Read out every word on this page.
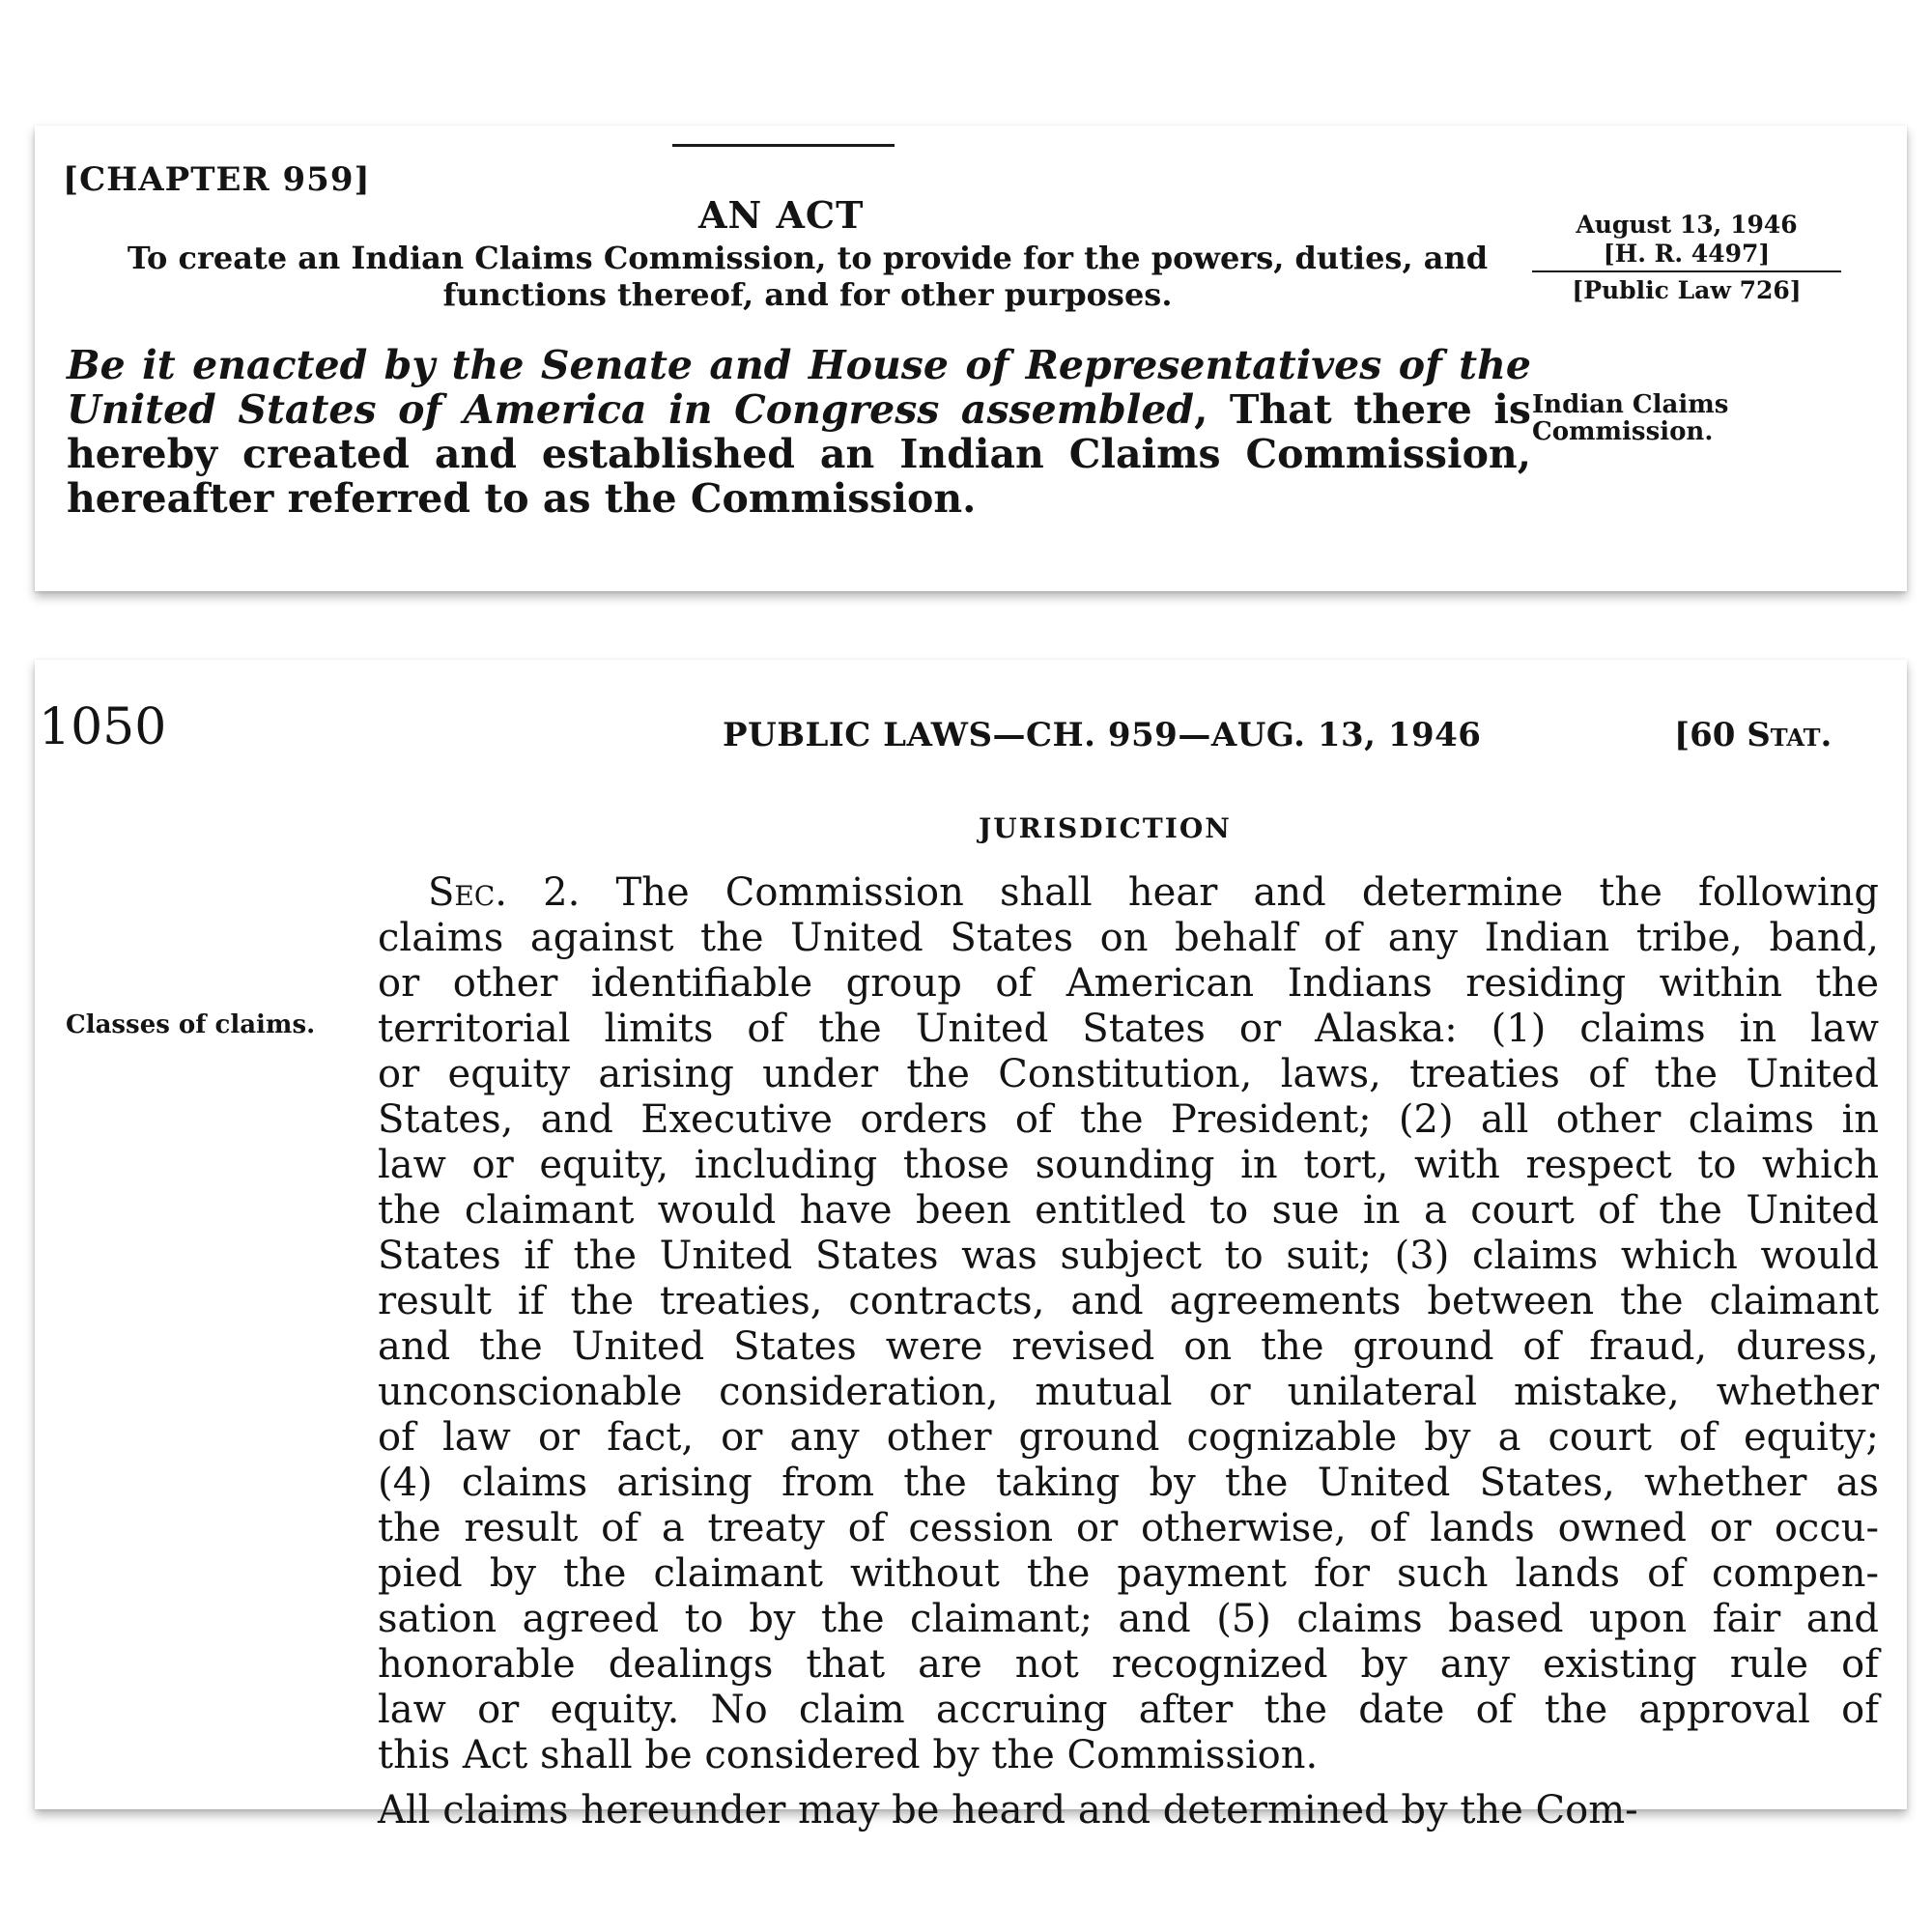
[CHAPTER 959]
AN ACT
To create an Indian Claims Commission, to provide for the powers, duties, and functions thereof, and for other purposes.
August 13, 1946
[H. R. 4497]
[Public Law 726]
Be it enacted by the Senate and House of Representatives of the United States of America in Congress assembled, That there is hereby created and established an Indian Claims Commission, hereafter referred to as the Commission.
Indian Claims Commission.
1050	PUBLIC LAWS—CH. 959—AUG. 13, 1946	[60 Stat.
JURISDICTION
Classes of claims.
Sec. 2. The Commission shall hear and determine the following
claims against the United States on behalf of any Indian tribe, band,
or other identifiable group of American Indians residing within the
territorial limits of the United States or Alaska: (1) claims in law
or equity arising under the Constitution, laws, treaties of the United
States, and Executive orders of the President; (2) all other claims in
law or equity, including those sounding in tort, with respect to which
the claimant would have been entitled to sue in a court of the United
States if the United States was subject to suit; (3) claims which would
result if the treaties, contracts, and agreements between the claimant
and the United States were revised on the ground of fraud, duress,
unconscionable consideration, mutual or unilateral mistake, whether
of law or fact, or any other ground cognizable by a court of equity;
(4) claims arising from the taking by the United States, whether as
the result of a treaty of cession or otherwise, of lands owned or occu-
pied by the claimant without the payment for such lands of compen-
sation agreed to by the claimant; and (5) claims based upon fair and
honorable dealings that are not recognized by any existing rule of
law or equity. No claim accruing after the date of the approval of
this Act shall be considered by the Commission.
All claims hereunder may be heard and determined by the Com-
